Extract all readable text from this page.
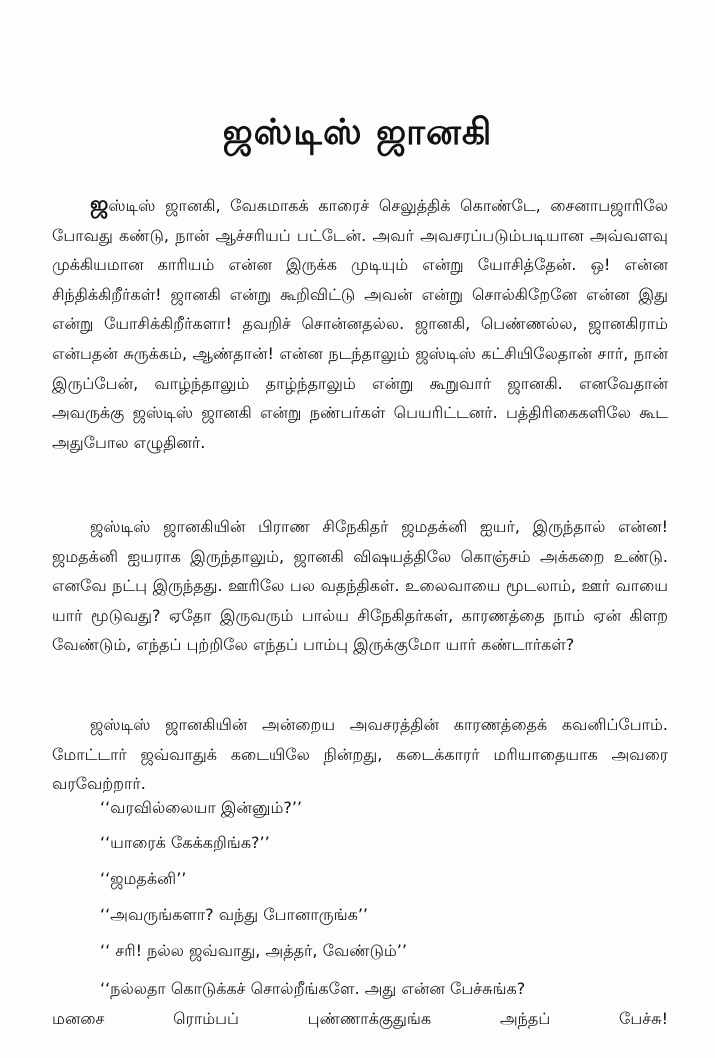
ஜஸ்டிஸ் ஜானகி

ஜஸ்டிஸ் ஜானகி, வேகமாகக் காரைச் செலுத்திக் கொண்டே, சைனாபஜாரிலே போவது கண்டு, நான் ஆச்சரியப் பட்டேன். அவர் அவசரப்படும்படியான அவ்வளவு முக்கியமான காரியம் என்ன இருக்க முடியும் என்று யோசித்தேன். ஒ! என்ன சிந்திக்கிறீர்கள்! ஜானகி என்று கூறிவிட்டு அவன் என்று சொல்கிறேனே என்ன இது என்று யோசிக்கிறீர்களா! தவறிச் சொன்னதல்ல. ஜானகி, பெண்ணல்ல, ஜானகிராம் என்பதன் சுருக்கம், ஆண்தான்! என்ன நடந்தாலும் ஜஸ்டிஸ் கட்சியிலேதான் சார், நான் இருப்பேன், வாழ்ந்தாலும் தாழ்ந்தாலும் என்று கூறுவார் ஜானகி. எனவேதான் அவருக்கு ஜஸ்டிஸ் ஜானகி என்று நண்பர்கள் பெயரிட்டனர். பத்திரிகைகளிலே கூட அதுபோல எழுதினர்.

ஜஸ்டிஸ் ஜானகியின் பிராண சிநேகிதர் ஜமதக்னி ஐயர், இருந்தால் என்ன! ஜமதக்னி ஐயராக இருந்தாலும், ஜானகி விஷயத்திலே கொஞ்சம் அக்கறை உண்டு. எனவே நட்பு இருந்தது. ஊரிலே பல வதந்திகள். உலைவாயை மூடலாம், ஊர் வாயை யார் மூடுவது? ஏதோ இருவரும் பால்ய சிநேகிதர்கள், காரணத்தை நாம் ஏன் கிளற வேண்டும், எந்தப் புற்றிலே எந்தப் பாம்பு இருக்குமோ யார் கண்டார்கள்?

ஜஸ்டிஸ் ஜானகியின் அன்றைய அவசரத்தின் காரணத்தைக் கவனிப்போம். மோட்டார் ஜவ்வாதுக் கடையிலே நின்றது, கடைக்காரர் மரியாதையாக அவரை வரவேற்றார்.

‘‘வரவில்லையா இன்னும்?’’

‘‘யாரைக் கேக்கறிங்க?’’

‘‘ஜமதக்னி’’

‘‘அவருங்களா? வந்து போனாருங்க’’

‘‘ சரி! நல்ல ஜவ்வாது, அத்தர், வேண்டும்’’

‘‘நல்லதா கொடுக்கச் சொல்றீங்களே. அது என்ன பேச்சுங்க?
மனசை ரொம்பப் புண்ணாக்குதுங்க அந்தப் பேச்சு!
